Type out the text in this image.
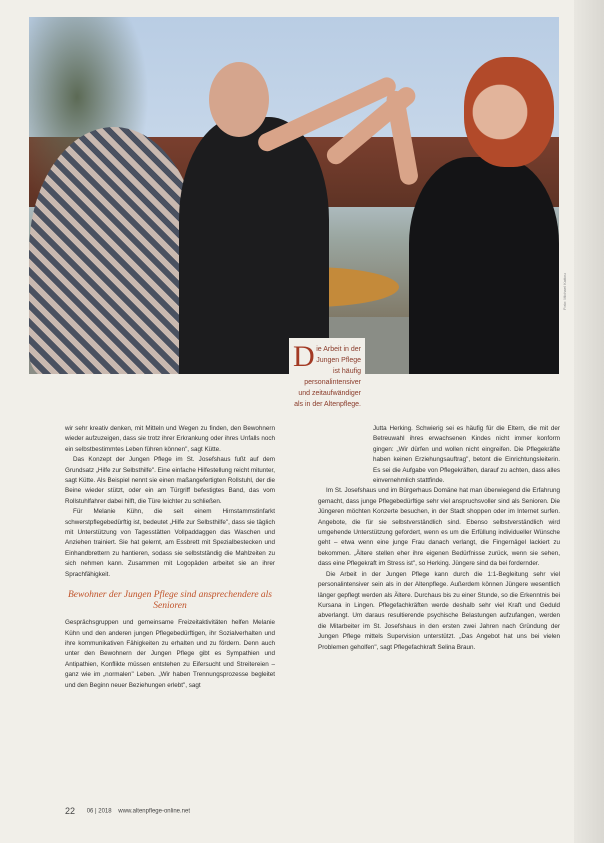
Foto: Michael Kattou
Die Arbeit in der Jungen Pflege ist häufig personalintensiver und zeitaufwändiger als in der Altenpflege.

wir sehr kreativ denken, mit Mitteln und Wegen zu finden, den Bewohnern wieder aufzuzeigen, dass sie trotz ihrer Erkrankung oder ihres Unfalls noch ein selbstbestimmtes Leben führen können", sagt Kütte.

Das Konzept der Jungen Pflege im St. Josefshaus fußt auf dem Grundsatz „Hilfe zur Selbsthilfe". Eine einfache Hilfestellung reicht mitunter, sagt Kütte. Als Beispiel nennt sie einen maßangefertigten Rollstuhl, der die Beine wieder stützt, oder ein am Türgriff befestigtes Band, das vom Rollstuhlfahrer dabei hilft, die Türe leichter zu schließen.

Für Melanie Kühn, die seit einem Hirnstammstinfarkt schwerstpflegebedürftig ist, bedeutet „Hilfe zur Selbsthilfe", dass sie täglich mit Unterstützung von Tagesstätten Vollpaddaggen das Waschen und Anziehen trainiert. Sie hat gelernt, am Essbrett mit Spezialbestecken und Einhandbrettern zu hantieren, sodass sie selbstständig die Mahlzeiten zu sich nehmen kann. Zusammen mit Logopäden arbeitet sie an ihrer Sprachfähigkeit.

Bewohner der Jungen Pflege sind ansprechendere als Senioren

Gesprächsgruppen und gemeinsame Freizeitaktivitäten helfen Melanie Kühn und den anderen jungen Pflegebedürftigen, ihr Sozialverhalten und ihre kommunikativen Fähigkeiten zu erhalten und zu fördern. Denn auch unter den Bewohnern der Jungen Pflege gibt es Sympathien und Antipathien, Konflikte müssen entstehen zu Eifersucht und Streitereien – ganz wie im „normalen" Leben. „Wir haben Trennungsprozesse begleitet und den Beginn neuer Beziehungen erlebt", sagt

Jutta Herking. Schwierig sei es häufig für die Eltern, die mit der Betreuwahl ihres erwachsenen Kindes nicht immer konform gingen: „Wir dürfen und wollen nicht eingreifen. Die Pflegekräfte haben keinen Erziehungsauftrag", betont die Einrichtungsleiterin. Es sei die Aufgabe von Pflegekräften, darauf zu achten, dass alles einvernehmlich stattfinde.

Im St. Josefshaus und im Bürgerhaus Domäne hat man überwiegend die Erfahrung gemacht, dass junge Pflegebedürftige sehr viel anspruchsvoller sind als Senioren. Die Jüngeren möchten Konzerte besuchen, in der Stadt shoppen oder im Internet surfen. Angebote, die für sie selbstverständlich sind. Ebenso selbstverständlich wird umgehende Unterstützung gefordert, wenn es um die Erfüllung individueller Wünsche geht – etwa wenn eine junge Frau danach verlangt, die Fingernägel lackiert zu bekommen. „Ältere stellen eher ihre eigenen Bedürfnisse zurück, wenn sie sehen, dass eine Pflegekraft im Stress ist", so Herking. Jüngere sind da bei fordernder.

Die Arbeit in der Jungen Pflege kann durch die 1:1-Begleitung sehr viel personalintensiver sein als in der Altenpflege. Außerdem können Jüngere wesentlich länger gepflegt werden als Ältere. Durchaus bis zu einer Stunde, so die Erkenntnis bei Kursana in Lingen. Pflegefachkräften werde deshalb sehr viel Kraft und Geduld abverlangt. Um daraus resultierende psychische Belastungen aufzufangen, werden die Mitarbeiter im St. Josefshaus in den ersten zwei Jahren nach Gründung der Jungen Pflege mittels Supervision unterstützt. „Das Angebot hat uns bei vielen Problemen geholfen", sagt Pflegefachkraft Selina Braun.

22 06 | 2018 www.altenpflege-online.net
